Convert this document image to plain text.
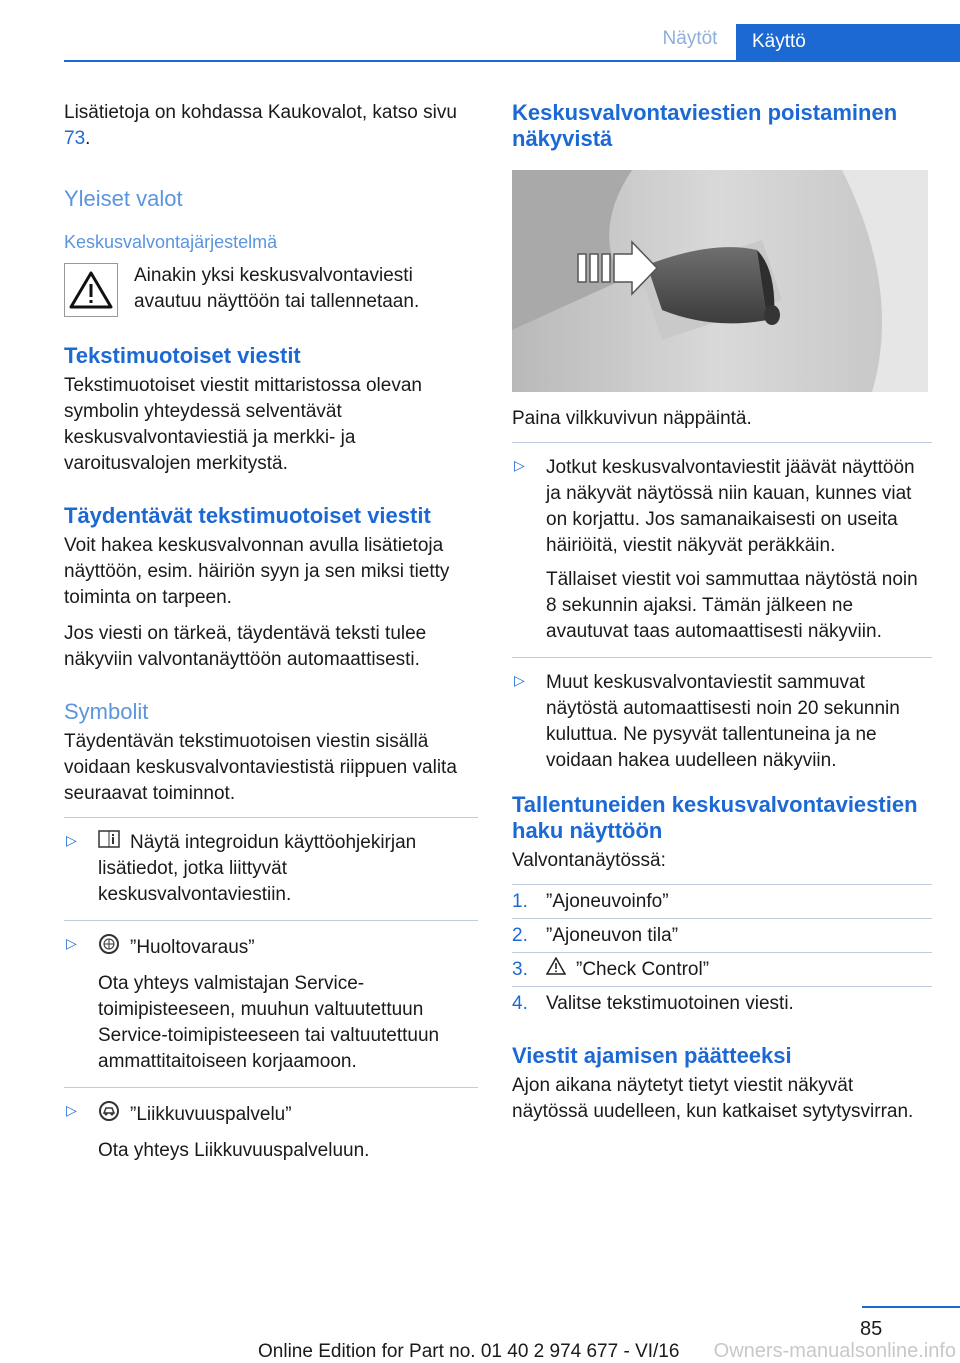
Näytöt	Käyttö

Lisätietoja on kohdassa Kaukovalot, katso sivu 73.

Yleiset valot
Keskusvalvontajärjestelmä
Ainakin yksi keskusvalvontaviesti avautuu näyttöön tai tallennetaan.
Tekstimuotoiset viestit

Tekstimuotoiset viestit mittaristossa olevan symbolin yhteydessä selventävät keskusvalvontaviestiä ja merkki- ja varoitusvalojen merkitystä.

Täydentävät tekstimuotoiset viestit

Voit hakea keskusvalvonnan avulla lisätietoja näyttöön, esim. häiriön syyn ja sen miksi tietty toiminta on tarpeen.

Jos viesti on tärkeä, täydentävä teksti tulee näkyviin valvontanäyttöön automaattisesti.

Symbolit

Täydentävän tekstimuotoisen viestin sisällä voidaan keskusvalvontaviestistä riippuen valita seuraavat toiminnot.

▷	Näytä integroidun käyttöohjekirjan lisätiedot, jotka liittyvät keskusvalvontaviestiin.

▷	”Huoltovaraus”

Ota yhteys valmistajan Service-toimipisteeseen, muuhun valtuutettuun Service-toimipisteeseen tai valtuutettuun ammattitaitoiseen korjaamoon.

▷	”Liikkuvuuspalvelu”

Ota yhteys Liikkuvuuspalveluun.

Keskusvalvontaviestien poistaminen näkyvistä

Paina vilkkuvivun näppäintä.

▷ Jotkut keskusvalvontaviestit jäävät näyttöön ja näkyvät näytössä niin kauan, kunnes viat on korjattu. Jos samanaikaisesti on useita häiriöitä, viestit näkyvät peräkkäin.

Tällaiset viestit voi sammuttaa näytöstä noin 8 sekunnin ajaksi. Tämän jälkeen ne avautuvat taas automaattisesti näkyviin.

▷ Muut keskusvalvontaviestit sammuvat näytöstä automaattisesti noin 20 sekunnin kuluttua. Ne pysyvät tallentuneina ja ne voidaan hakea uudelleen näkyviin.

Tallentuneiden keskusvalvontaviestien haku näyttöön

Valvontanäytössä:

1. ”Ajoneuvoinfo”
2. ”Ajoneuvon tila”
3.	”Check Control”
4. Valitse tekstimuotoinen viesti.
Viestit ajamisen päätteeksi

Ajon aikana näytetyt tietyt viestit näkyvät näytössä uudelleen, kun katkaiset sytytysvirran.

85
Online Edition for Part no. 01 40 2 974 677 - VI/16 Owners-manualsonline.info
